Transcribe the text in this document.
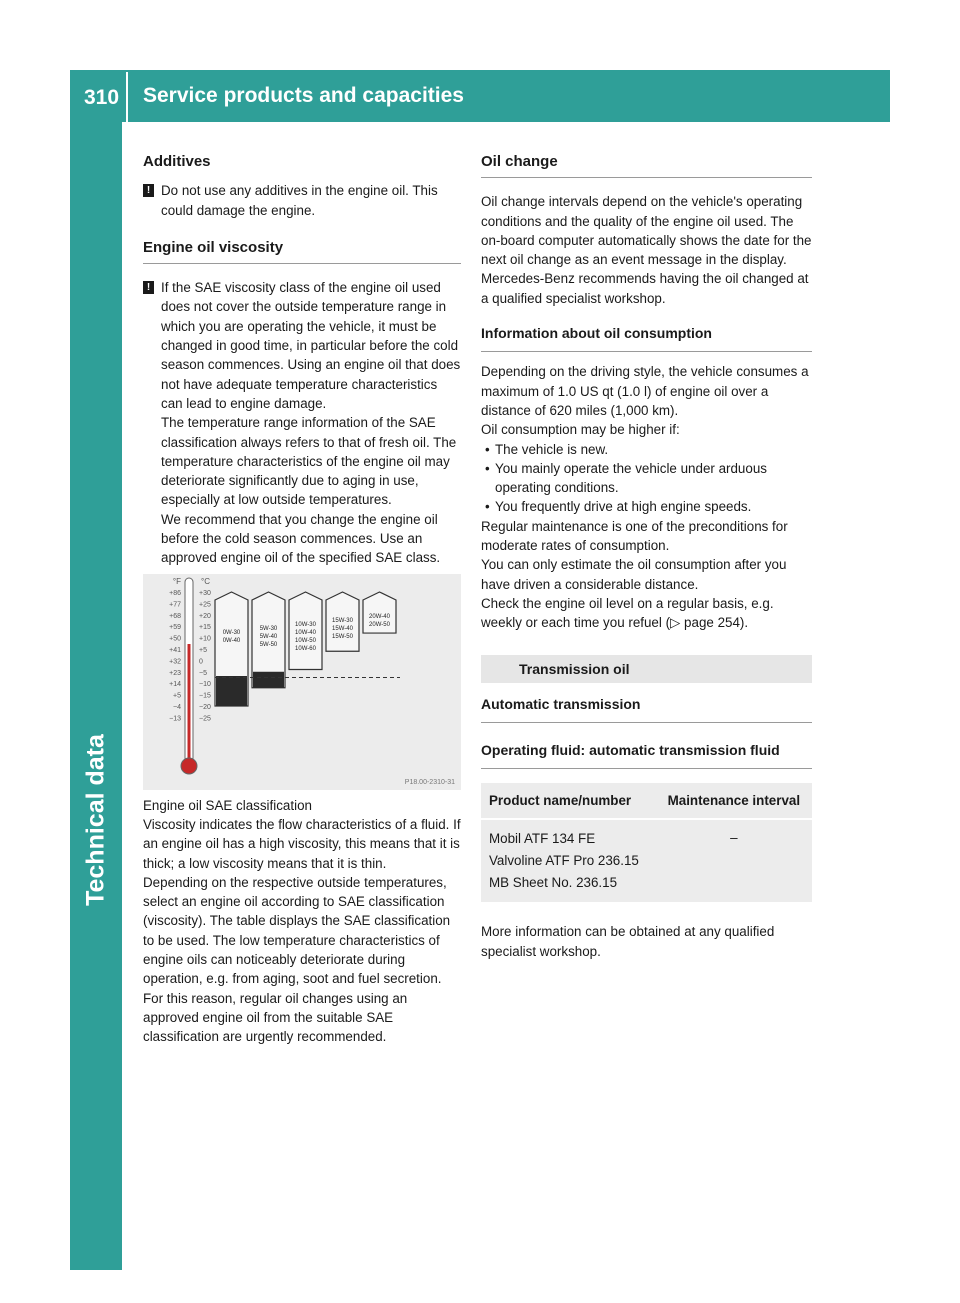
310 Service products and capacities
Technical data

Additives

! Do not use any additives in the engine oil. This could damage the engine.

Engine oil viscosity

! If the SAE viscosity class of the engine oil used does not cover the outside temperature range in which you are operating the vehicle, it must be changed in good time, in particular before the cold season commences. Using an engine oil that does not have adequate temperature characteristics can lead to engine damage.

The temperature range information of the SAE classification always refers to that of fresh oil. The temperature characteristics of the engine oil may deteriorate significantly due to aging in use, especially at low outside temperatures.

We recommend that you change the engine oil before the cold season commences. Use an approved engine oil of the specified SAE class.

°F	°C
+86
+77
+68
+59
+50
+41
+32
+23
+14
+5
−4
−13
+30
+25
+20
+15
+10
+5
0
−5
−10
−15
−20
−25
0W-30
0W-40
5W-30
5W-40
5W-50
10W-30
10W-40
10W-50
10W-60
15W-30
15W-40
15W-50
20W-40
20W-50
P18.00-2310-31

Engine oil SAE classification

Viscosity indicates the flow characteristics of a fluid. If an engine oil has a high viscosity, this means that it is thick; a low viscosity means that it is thin.

Depending on the respective outside temperatures, select an engine oil according to SAE classification (viscosity). The table displays the SAE classification to be used. The low temperature characteristics of engine oils can noticeably deteriorate during operation, e.g. from aging, soot and fuel secretion. For this reason, regular oil changes using an approved engine oil from the suitable SAE classification are urgently recommended.

Oil change

Oil change intervals depend on the vehicle's operating conditions and the quality of the engine oil used. The on-board computer automatically shows the date for the next oil change as an event message in the display.

Mercedes-Benz recommends having the oil changed at a qualified specialist workshop.

Information about oil consumption

Depending on the driving style, the vehicle consumes a maximum of 1.0 US qt (1.0 l) of engine oil over a distance of 620 miles (1,000 km).

Oil consumption may be higher if:

• The vehicle is new.
• You mainly operate the vehicle under arduous operating conditions.
• You frequently drive at high engine speeds.

Regular maintenance is one of the preconditions for moderate rates of consumption.

You can only estimate the oil consumption after you have driven a considerable distance.

Check the engine oil level on a regular basis, e.g. weekly or each time you refuel (▷ page 254).

Transmission oil

Automatic transmission

Operating fluid: automatic transmission fluid

Product name/number	Maintenance interval

Mobil ATF 134 FE
Valvoline ATF Pro 236.15
MB Sheet No. 236.15	–

More information can be obtained at any qualified specialist workshop.
